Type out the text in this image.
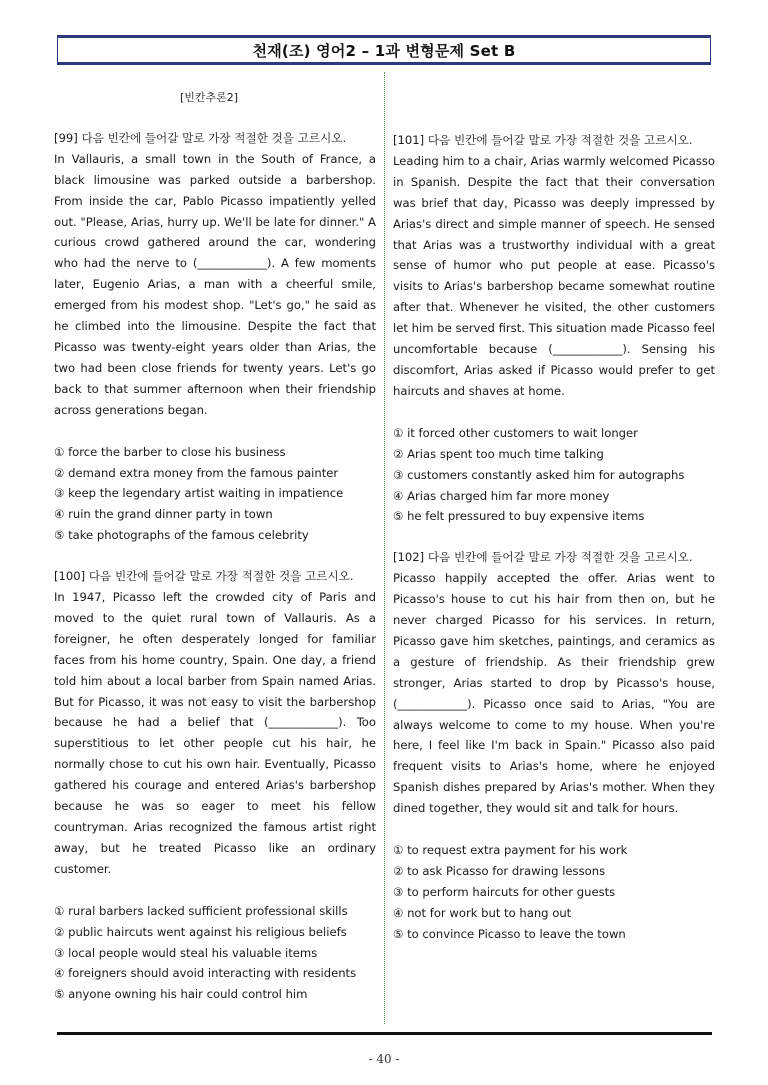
천재(조) 영어2 – 1과 변형문제 Set B
[빈칸추론2]

[99] 다음 빈칸에 들어갈 말로 가장 적절한 것을 고르시오.

In Vallauris, a small town in the South of France, a black limousine was parked outside a barbershop. From inside the car, Pablo Picasso impatiently yelled out. "Please, Arias, hurry up. We'll be late for dinner." A curious crowd gathered around the car, wondering who had the nerve to (____________). A few moments later, Eugenio Arias, a man with a cheerful smile, emerged from his modest shop. "Let's go," he said as he climbed into the limousine. Despite the fact that Picasso was twenty-eight years older than Arias, the two had been close friends for twenty years. Let's go back to that summer afternoon when their friendship across generations began.

① force the barber to close his business
② demand extra money from the famous painter
③ keep the legendary artist waiting in impatience
④ ruin the grand dinner party in town
⑤ take photographs of the famous celebrity

[100] 다음 빈칸에 들어갈 말로 가장 적절한 것을 고르시오.

In 1947, Picasso left the crowded city of Paris and moved to the quiet rural town of Vallauris. As a foreigner, he often desperately longed for familiar faces from his home country, Spain. One day, a friend told him about a local barber from Spain named Arias. But for Picasso, it was not easy to visit the barbershop because he had a belief that (____________). Too superstitious to let other people cut his hair, he normally chose to cut his own hair. Eventually, Picasso gathered his courage and entered Arias's barbershop because he was so eager to meet his fellow countryman. Arias recognized the famous artist right away, but he treated Picasso like an ordinary customer.

① rural barbers lacked sufficient professional skills
② public haircuts went against his religious beliefs
③ local people would steal his valuable items
④ foreigners should avoid interacting with residents
⑤ anyone owning his hair could control him

[101] 다음 빈칸에 들어갈 말로 가장 적절한 것을 고르시오.

Leading him to a chair, Arias warmly welcomed Picasso in Spanish. Despite the fact that their conversation was brief that day, Picasso was deeply impressed by Arias's direct and simple manner of speech. He sensed that Arias was a trustworthy individual with a great sense of humor who put people at ease. Picasso's visits to Arias's barbershop became somewhat routine after that. Whenever he visited, the other customers let him be served first. This situation made Picasso feel uncomfortable because (____________). Sensing his discomfort, Arias asked if Picasso would prefer to get haircuts and shaves at home.

① it forced other customers to wait longer
② Arias spent too much time talking
③ customers constantly asked him for autographs
④ Arias charged him far more money
⑤ he felt pressured to buy expensive items

[102] 다음 빈칸에 들어갈 말로 가장 적절한 것을 고르시오.

Picasso happily accepted the offer. Arias went to Picasso's house to cut his hair from then on, but he never charged Picasso for his services. In return, Picasso gave him sketches, paintings, and ceramics as a gesture of friendship. As their friendship grew stronger, Arias started to drop by Picasso's house, (____________). Picasso once said to Arias, "You are always welcome to come to my house. When you're here, I feel like I'm back in Spain." Picasso also paid frequent visits to Arias's home, where he enjoyed Spanish dishes prepared by Arias's mother. When they dined together, they would sit and talk for hours.

① to request extra payment for his work
② to ask Picasso for drawing lessons
③ to perform haircuts for other guests
④ not for work but to hang out
⑤ to convince Picasso to leave the town
- 40 -
